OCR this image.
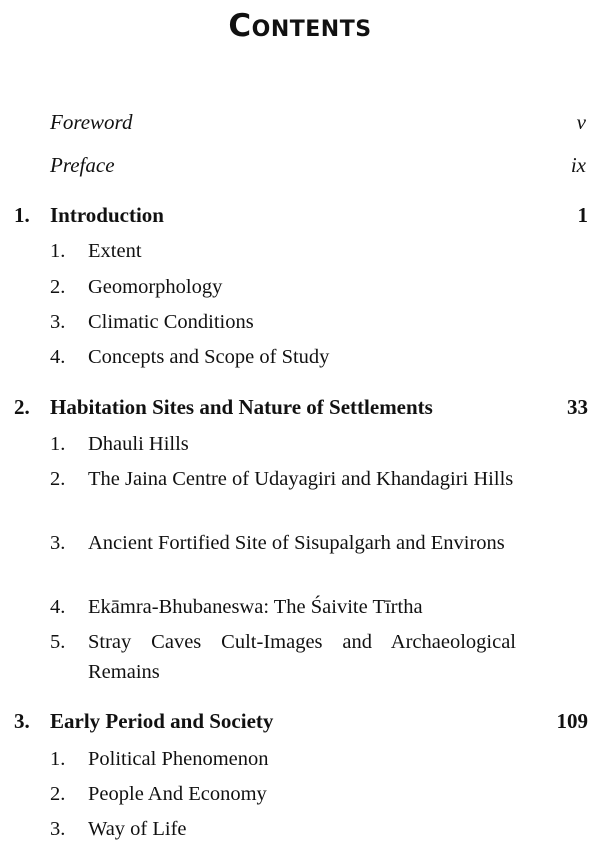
Contents
Foreword	v
Preface	ix
1. Introduction	1
1. Extent
2. Geomorphology
3. Climatic Conditions
4. Concepts and Scope of Study
2. Habitation Sites and Nature of Settlements	33
1. Dhauli Hills
2. The Jaina Centre of Udayagiri and Khandagiri Hills
3. Ancient Fortified Site of Sisupalgarh and Environs
4. Ekāmra-Bhubaneswa: The Śaivite Tīrtha
5. Stray Caves Cult-Images and Archaeological Remains
3. Early Period and Society	109
1. Political Phenomenon
2. People And Economy
3. Way of Life
